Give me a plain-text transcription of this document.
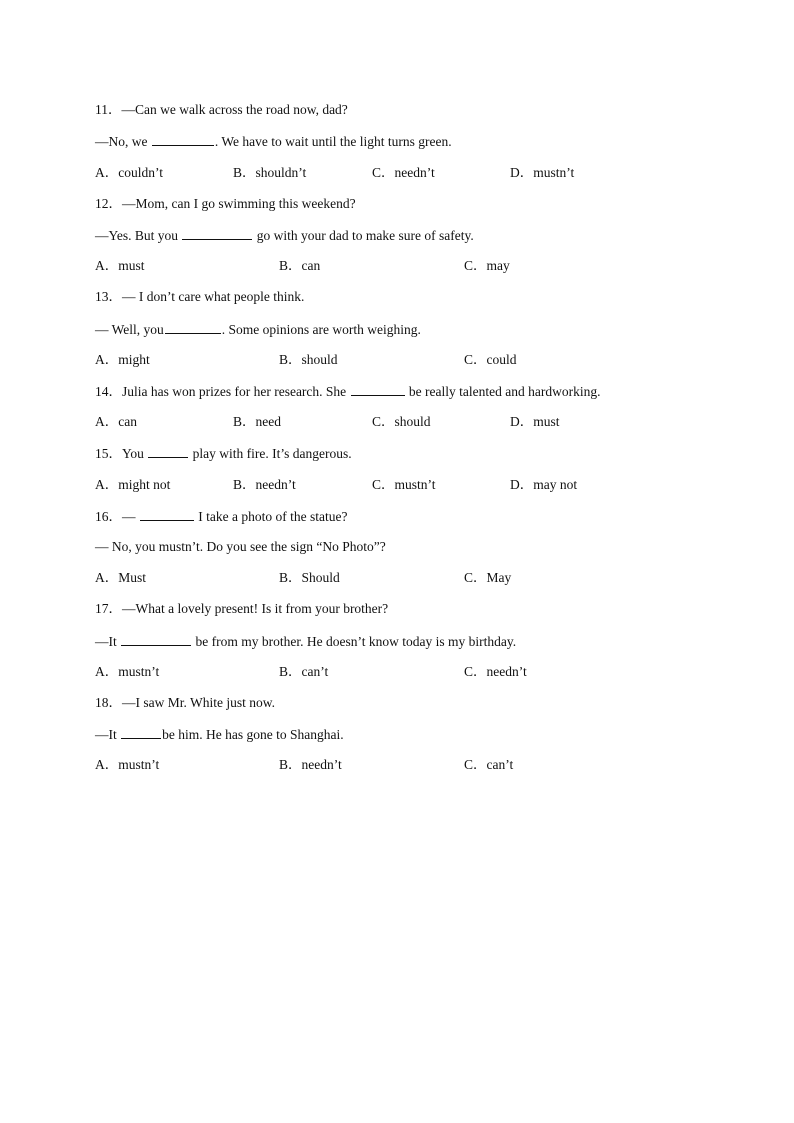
11．—Can we walk across the road now, dad?
—No, we	. We have to wait until the light turns green.

A．couldn’t

	B．shouldn’t

	C．needn’t

	D．mustn’t

12．—Mom, can I go swimming this weekend?
—Yes. But you	go with your dad to make sure of safety.

A．must

	B．can

	C．may

13．— I don’t care what people think.
— Well, you	. Some opinions are worth weighing.

A．might

	B．should

	C．could

14．Julia has won prizes for her research. She	be really talented and hardworking.

A．can

	B．need

	C．should

	D．must

15．You	play with fire. It’s dangerous.

A．might not

	B．needn’t

	C．mustn’t

	D．may not

16．—	I take a photo of the statue?
— No, you mustn’t. Do you see the sign “No Photo”?

A．Must

	B．Should

	C．May

17．—What a lovely present! Is it from your brother?
—It	be from my brother. He doesn’t know today is my birthday.

A．mustn’t

	B．can’t

	C．needn’t

18．—I saw Mr. White just now.
—It	be him. He has gone to Shanghai.

A．mustn’t

	B．needn’t

	C．can’t
